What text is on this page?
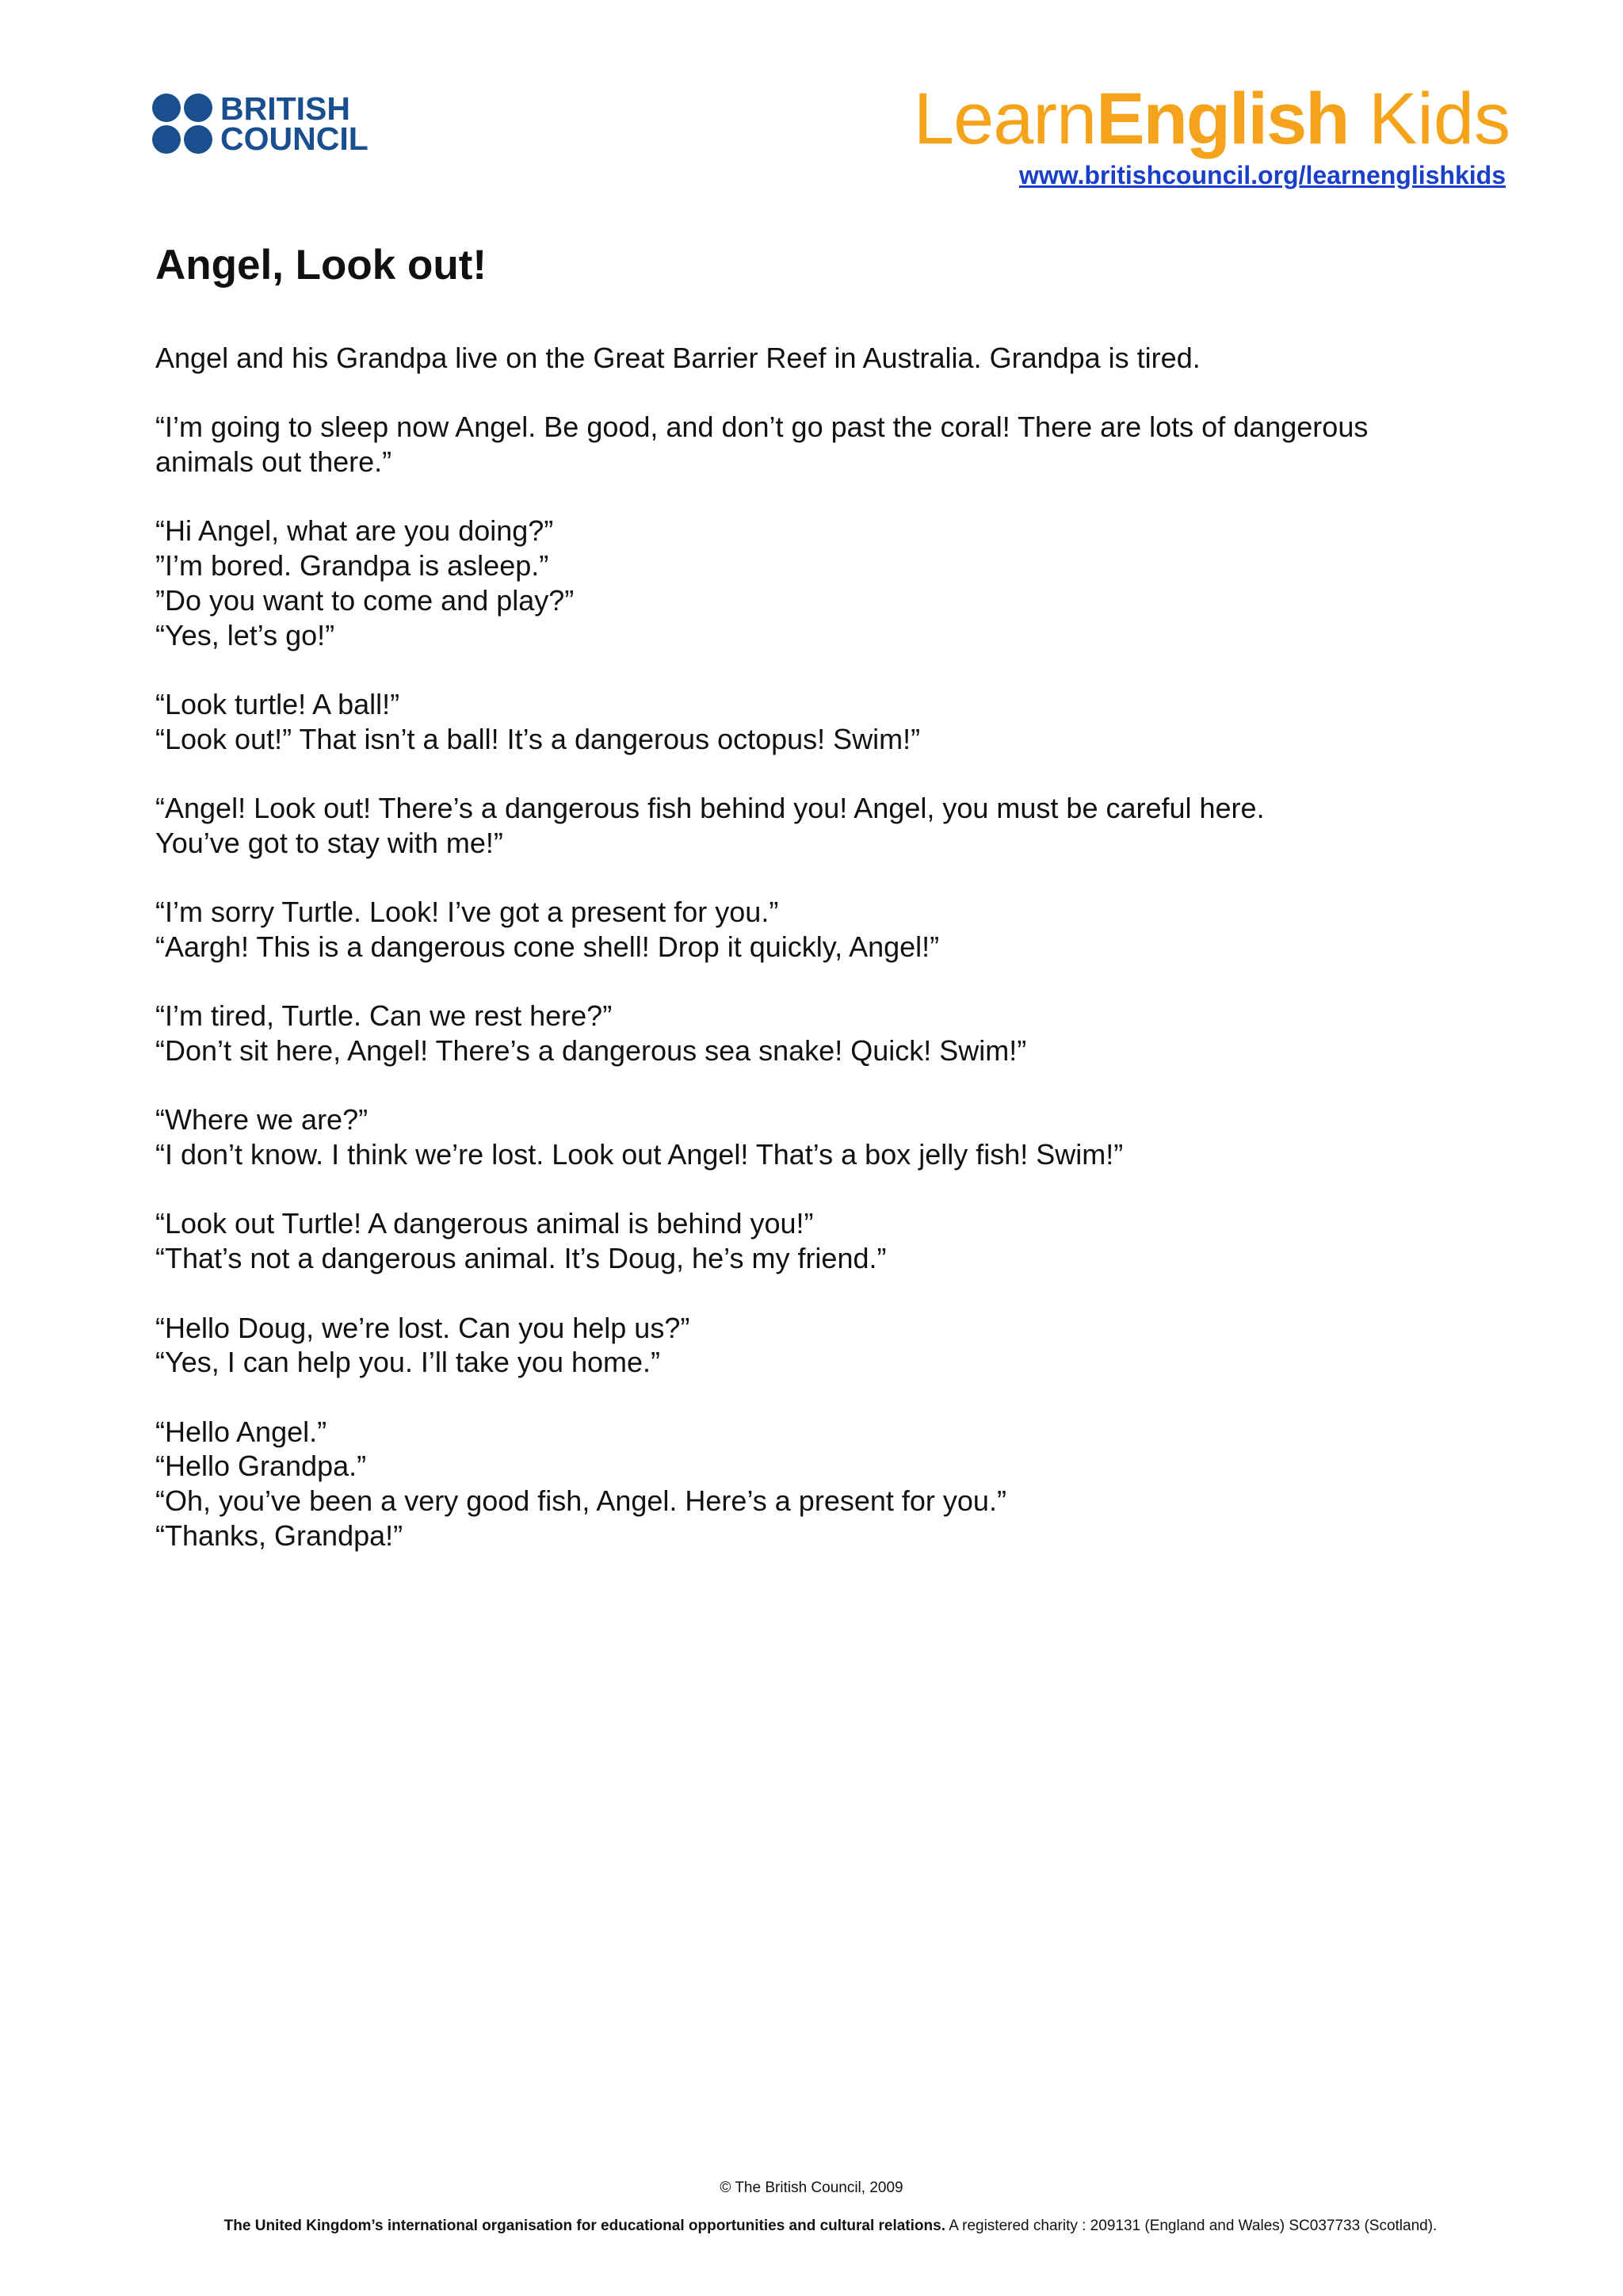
BRITISH
COUNCIL	LearnEnglish Kids
www.britishcouncil.org/learnenglishkids
Angel, Look out!

Angel and his Grandpa live on the Great Barrier Reef in Australia. Grandpa is tired.

“I’m going to sleep now Angel. Be good, and don’t go past the coral! There are lots of dangerous
animals out there.”

“Hi Angel, what are you doing?”
”I’m bored. Grandpa is asleep.”
”Do you want to come and play?”
“Yes, let’s go!”

“Look turtle! A ball!”
“Look out!” That isn’t a ball! It’s a dangerous octopus! Swim!”

“Angel! Look out! There’s a dangerous fish behind you! Angel, you must be careful here.
You’ve got to stay with me!”

“I’m sorry Turtle. Look! I’ve got a present for you.”
“Aargh! This is a dangerous cone shell! Drop it quickly, Angel!”

“I’m tired, Turtle. Can we rest here?”
“Don’t sit here, Angel! There’s a dangerous sea snake! Quick! Swim!”

“Where we are?”
“I don’t know. I think we’re lost. Look out Angel! That’s a box jelly fish! Swim!”

“Look out Turtle! A dangerous animal is behind you!”
“That’s not a dangerous animal. It’s Doug, he’s my friend.”

“Hello Doug, we’re lost. Can you help us?”
“Yes, I can help you. I’ll take you home.”

“Hello Angel.”
“Hello Grandpa.”
“Oh, you’ve been a very good fish, Angel. Here’s a present for you.”
“Thanks, Grandpa!”

© The British Council, 2009
The United Kingdom’s international organisation for educational opportunities and cultural relations. A registered charity : 209131 (England and Wales) SC037733 (Scotland).
